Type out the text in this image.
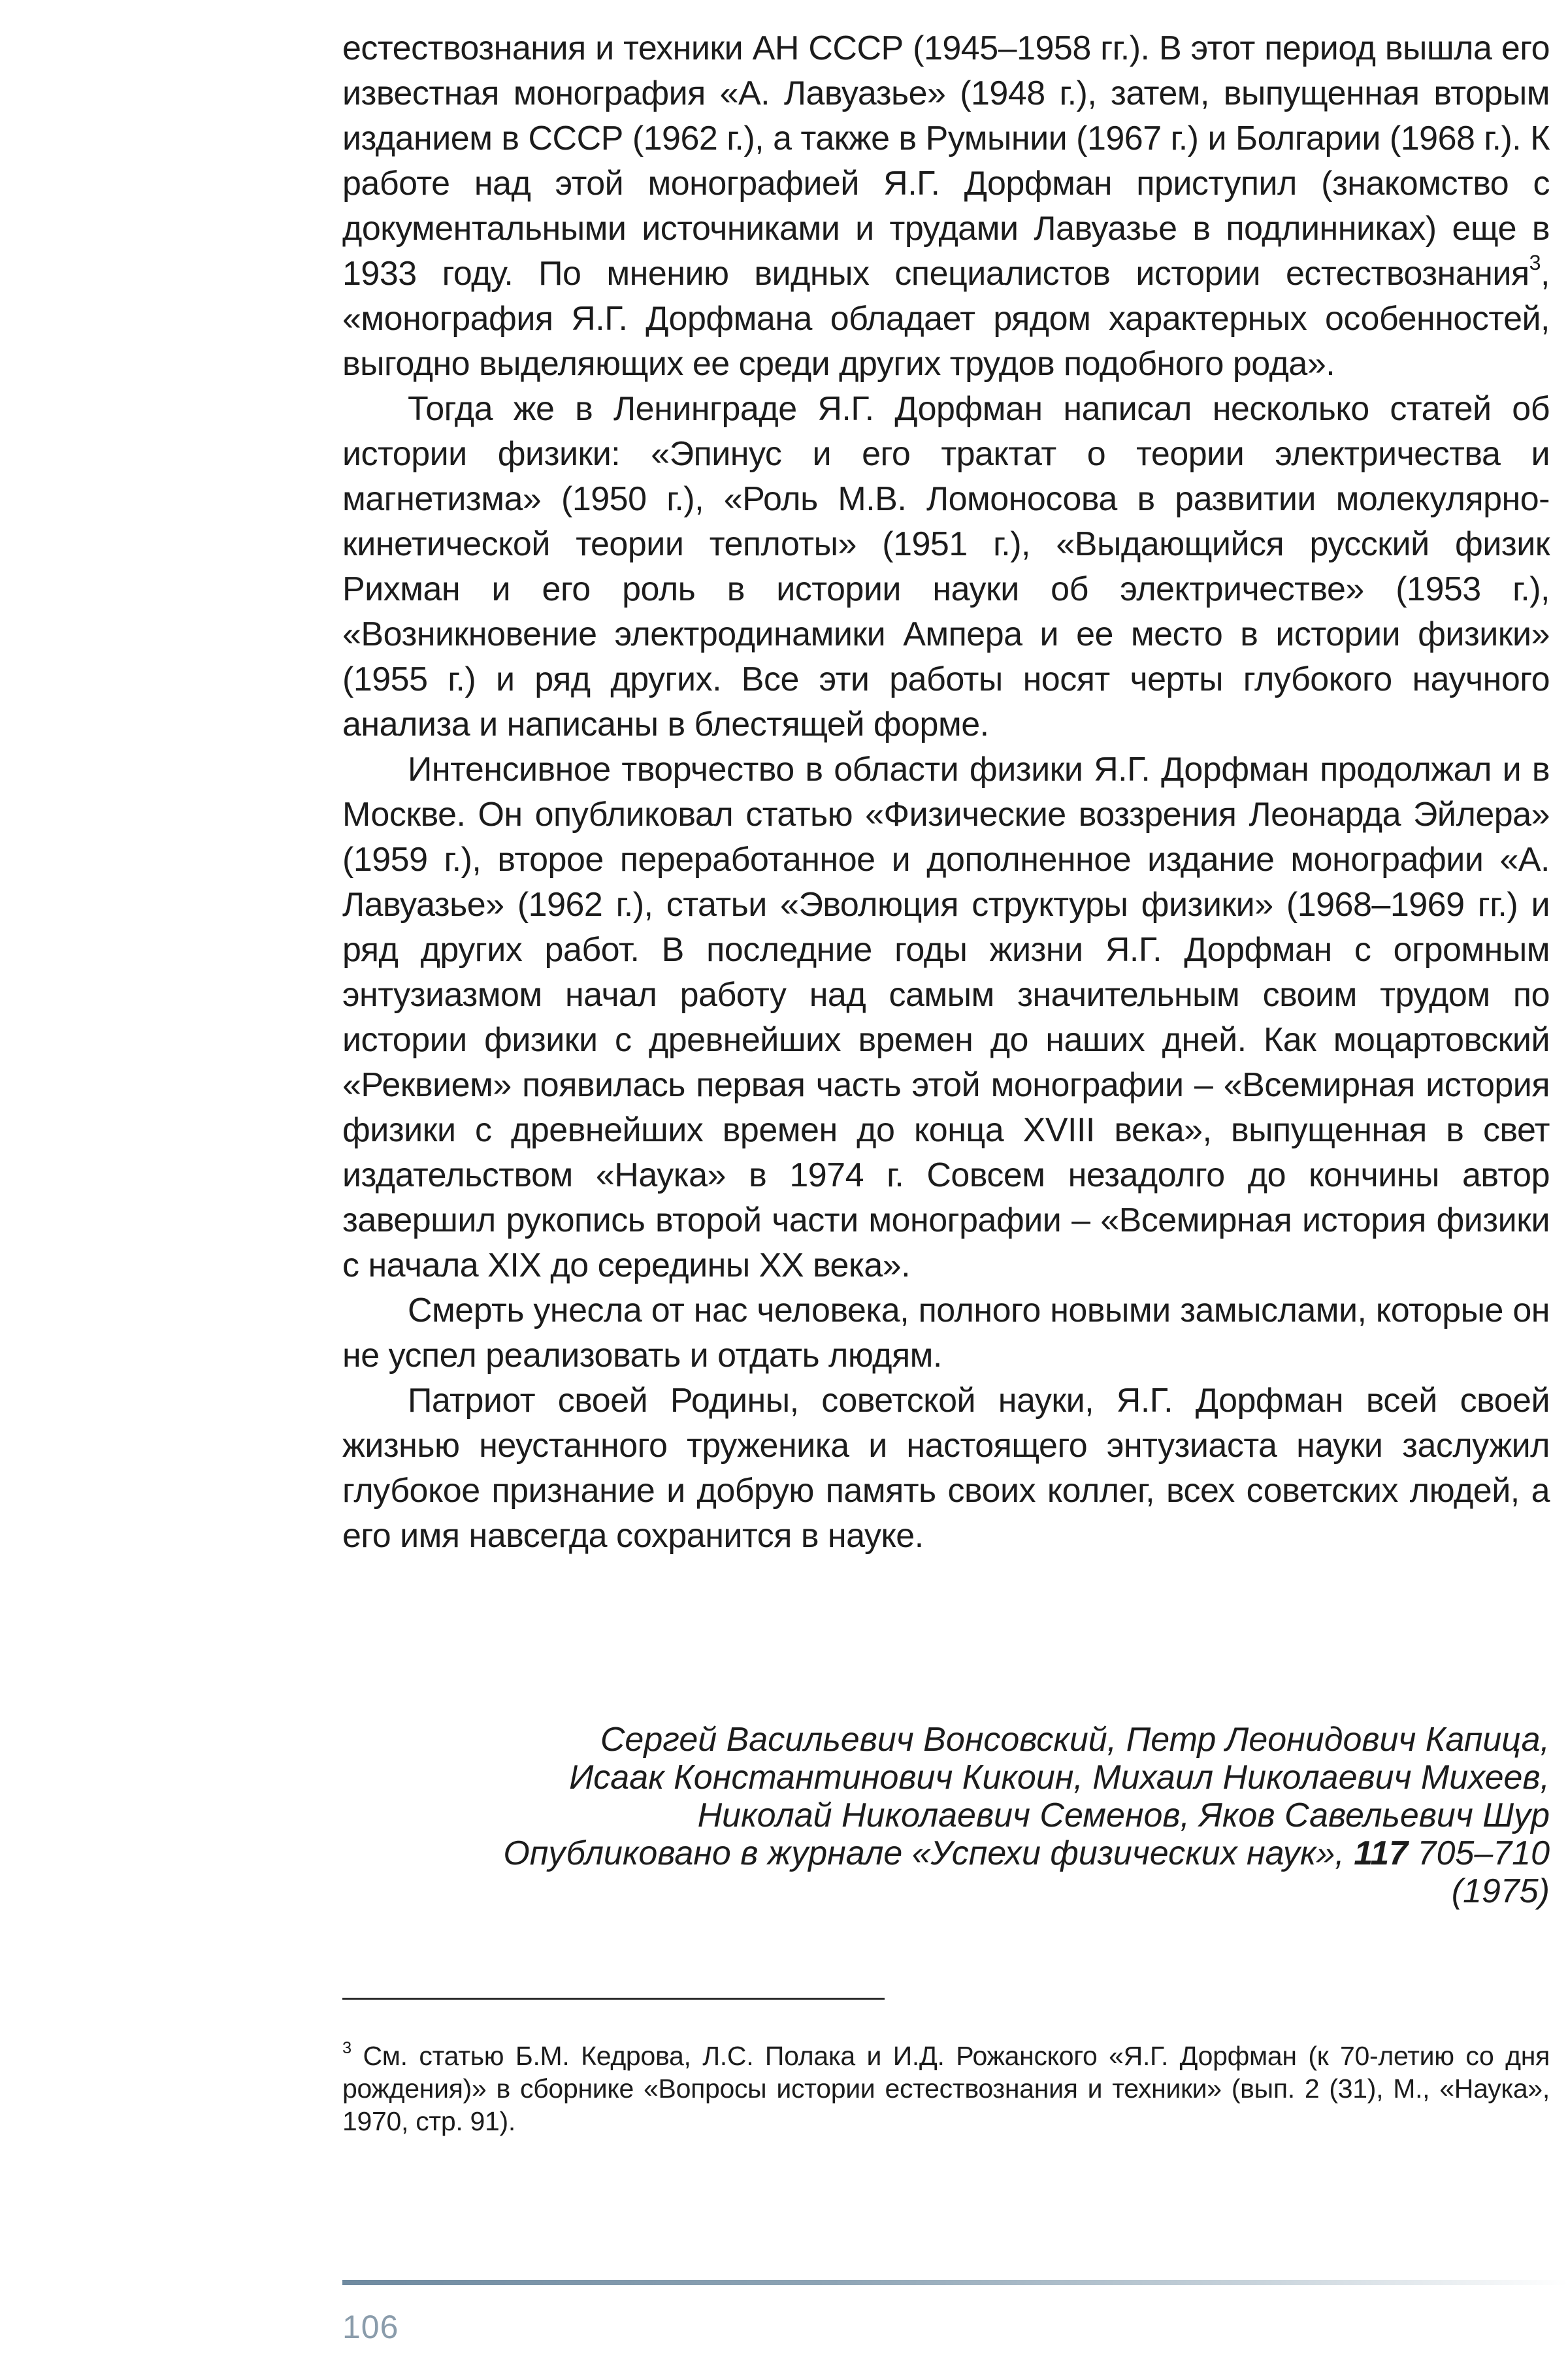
естествознания и техники АН СССР (1945–1958 гг.). В этот период вышла его известная монография «А. Лавуазье» (1948 г.), затем, выпущенная вторым изданием в СССР (1962 г.), а также в Румынии (1967 г.) и Болгарии (1968 г.). К работе над этой монографией Я.Г. Дорфман приступил (знакомство с документальными источниками и трудами Лавуазье в подлинниках) еще в 1933 году. По мнению видных специалистов истории естествознания$^3$, «монография Я.Г. Дорфмана обладает рядом характерных особенностей, выгодно выделяющих ее среди других трудов подобного рода».

Тогда же в Ленинграде Я.Г. Дорфман написал несколько статей об истории физики: «Эпинус и его трактат о теории электричества и магнетизма» (1950 г.), «Роль М.В. Ломоносова в развитии молекулярно-кинетической теории теплоты» (1951 г.), «Выдающийся русский физик Рихман и его роль в истории науки об электричестве» (1953 г.), «Возникновение электродинамики Ампера и ее место в истории физики» (1955 г.) и ряд других. Все эти работы носят черты глубокого научного анализа и написаны в блестящей форме.

Интенсивное творчество в области физики Я.Г. Дорфман продолжал и в Москве. Он опубликовал статью «Физические воззрения Леонарда Эйлера» (1959 г.), второе переработанное и дополненное издание монографии «А. Лавуазье» (1962 г.), статьи «Эволюция структуры физики» (1968–1969 гг.) и ряд других работ. В последние годы жизни Я.Г. Дорфман с огромным энтузиазмом начал работу над самым значительным своим трудом по истории физики с древнейших времен до наших дней. Как моцартовский «Реквием» появилась первая часть этой монографии – «Всемирная история физики с древнейших времен до конца XVIII века», выпущенная в свет издательством «Наука» в 1974 г. Совсем незадолго до кончины автор завершил рукопись второй части монографии – «Всемирная история физики с начала XIX до середины XX века».

Смерть унесла от нас человека, полного новыми замыслами, которые он не успел реализовать и отдать людям.

Патриот своей Родины, советской науки, Я.Г. Дорфман всей своей жизнью неустанного труженика и настоящего энтузиаста науки заслужил глубокое признание и добрую память своих коллег, всех советских людей, а его имя навсегда сохранится в науке.

Сергей Васильевич Вонсовский, Петр Леонидович Капица,
Исаак Константинович Кикоин, Михаил Николаевич Михеев,
Николай Николаевич Семенов, Яков Савельевич Шур
Опубликовано в журнале «Успехи физических наук», 117 705–710
(1975)
$^3$ См. статью Б.М. Кедрова, Л.С. Полака и И.Д. Рожанского «Я.Г. Дорфман (к 70-летию со дня рождения)» в сборнике «Вопросы истории естествознания и техники» (вып. 2 (31), М., «Наука», 1970, стр. 91).
106
